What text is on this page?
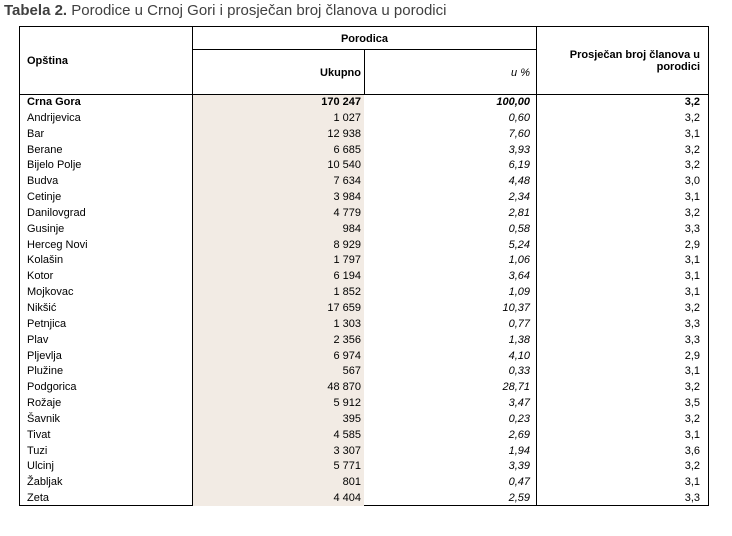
Tabela 2. Porodice u Crnoj Gori i prosječan broj članova u porodici
Opština
Porodica
Ukupno	u %
Prosječan broj članova u
porodici
Crna Gora	170 247	100,00	3,2
Andrijevica	1 027	0,60	3,2
Bar	12 938	7,60	3,1
Berane	6 685	3,93	3,2
Bijelo Polje	10 540	6,19	3,2
Budva	7 634	4,48	3,0
Cetinje	3 984	2,34	3,1
Danilovgrad	4 779	2,81	3,2
Gusinje	984	0,58	3,3
Herceg Novi	8 929	5,24	2,9
Kolašin	1 797	1,06	3,1
Kotor	6 194	3,64	3,1
Mojkovac	1 852	1,09	3,1
Nikšić	17 659	10,37	3,2
Petnjica	1 303	0,77	3,3
Plav	2 356	1,38	3,3
Pljevlja	6 974	4,10	2,9
Plužine	567	0,33	3,1
Podgorica	48 870	28,71	3,2
Rožaje	5 912	3,47	3,5
Šavnik	395	0,23	3,2
Tivat	4 585	2,69	3,1
Tuzi	3 307	1,94	3,6
Ulcinj	5 771	3,39	3,2
Žabljak	801	0,47	3,1
Zeta	4 404	2,59	3,3
